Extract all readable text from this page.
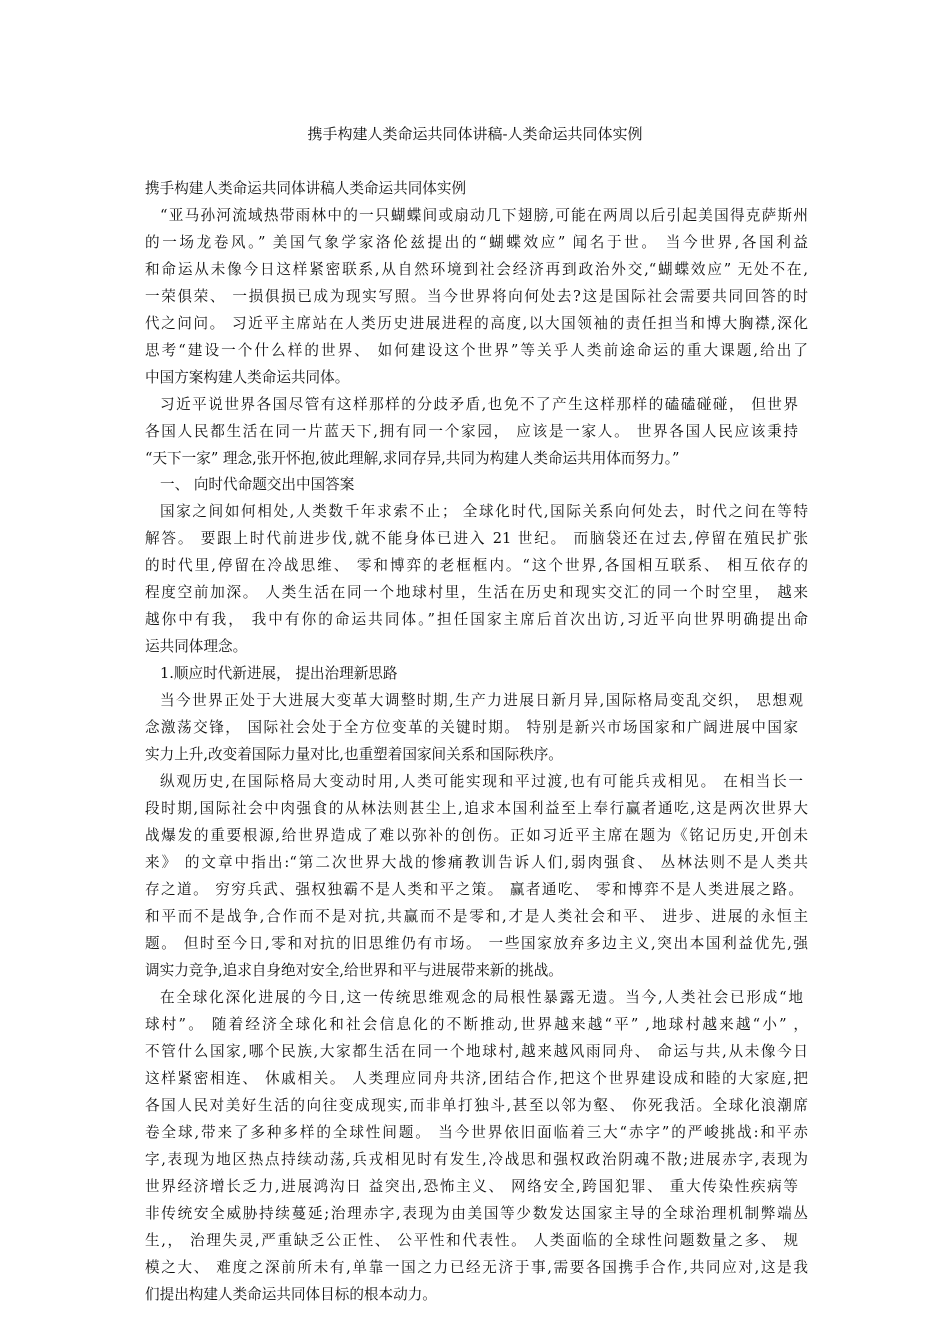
携手构建人类命运共同体讲稿-人类命运共同体实例
携手构建人类命运共同体讲稿人类命运共同体实例
“亚马孙河流域热带雨林中的一只蝴蝶间或扇动几下翅膀,可能在两周以后引起美国得克萨斯州
的一场龙卷风。” 美国气象学家洛伦兹提出的“蝴蝶效应” 闻名于世。 当今世界,各国利益
和命运从未像今日这样紧密联系,从自然环境到社会经济再到政治外交,“蝴蝶效应” 无处不在,
一荣俱荣、 一损俱损已成为现实写照。当今世界将向何处去?这是国际社会需要共同回答的时
代之问问。 习近平主席站在人类历史进展进程的高度,以大国领袖的责任担当和博大胸襟,深化
思考“建设一个什么样的世界、 如何建设这个世界”等关乎人类前途命运的重大课题,给出了
中国方案构建人类命运共同体。
习近平说世界各国尽管有这样那样的分歧矛盾,也免不了产生这样那样的磕磕碰碰， 但世界
各国人民都生活在同一片蓝天下,拥有同一个家园， 应该是一家人。 世界各国人民应该秉持
“天下一家” 理念,张开怀抱,彼此理解,求同存异,共同为构建人类命运共用体而努力。”
一、 向时代命题交出中国答案
国家之间如何相处,人类数千年求索不止； 全球化时代,国际关系向何处去，时代之问在等特
解答。 要跟上时代前进步伐,就不能身体已进入 21 世纪。 而脑袋还在过去,停留在殖民扩张
的时代里,停留在冷战思维、 零和博弈的老框框内。“这个世界,各国相互联系、 相互依存的
程度空前加深。 人类生活在同一个地球村里，生活在历史和现实交汇的同一个时空里， 越来
越你中有我， 我中有你的命运共同体。”担任国家主席后首次出访,习近平向世界明确提出命
运共同体理念。
1.顺应时代新进展， 提出治理新思路
当今世界正处于大进展大变革大调整时期,生产力进展日新月异,国际格局变乱交织， 思想观
念激荡交锋， 国际社会处于全方位变革的关键时期。 特别是新兴市场国家和广阔进展中国家
实力上升,改变着国际力量对比,也重塑着国家间关系和国际秩序。
纵观历史,在国际格局大变动时用,人类可能实现和平过渡,也有可能兵戎相见。 在相当长一
段时期,国际社会中肉强食的从林法则甚尘上,追求本国利益至上奉行赢者通吃,这是两次世界大
战爆发的重要根源,给世界造成了难以弥补的创伤。正如习近平主席在题为《铭记历史,开创未
来》 的文章中指出:“第二次世界大战的惨痛教训告诉人们,弱肉强食、 丛林法则不是人类共
存之道。 穷穷兵武、强权独霸不是人类和平之策。 赢者通吃、 零和博弈不是人类进展之路。
和平而不是战争,合作而不是对抗,共赢而不是零和,才是人类社会和平、 进步、进展的永恒主
题。 但时至今日,零和对抗的旧思维仍有市场。 一些国家放弃多边主义,突出本国利益优先,强
调实力竞争,追求自身绝对安全,给世界和平与进展带来新的挑战。
在全球化深化进展的今日,这一传统思维观念的局根性暴露无遗。当今,人类社会已形成“地
球村”。 随着经济全球化和社会信息化的不断推动,世界越来越“平” ,地球村越来越“小” ，
不管什么国家,哪个民族,大家都生活在同一个地球村,越来越风雨同舟、 命运与共,从未像今日
这样紧密相连、 休戚相关。 人类理应同舟共济,团结合作,把这个世界建设成和睦的大家庭,把
各国人民对美好生活的向往变成现实,而非单打独斗,甚至以邻为壑、 你死我活。全球化浪潮席
卷全球,带来了多种多样的全球性间题。 当今世界依旧面临着三大“赤字”的严峻挑战:和平赤
字,表现为地区热点持续动荡,兵戎相见时有发生,冷战思和强权政治阴魂不散;进展赤字,表现为
世界经济增长乏力,进展鸿沟日 益突出,恐怖主义、 网络安全,跨国犯罪、 重大传染性疾病等
非传统安全威胁持续蔓延;治理赤字,表现为由美国等少数发达国家主导的全球治理机制弊端丛
生,， 治理失灵,严重缺乏公正性、 公平性和代表性。 人类面临的全球性问题数量之多、 规
模之大、 难度之深前所未有,单靠一国之力已经无济于事,需要各国携手合作,共同应对,这是我
们提出构建人类命运共同体目标的根本动力。
